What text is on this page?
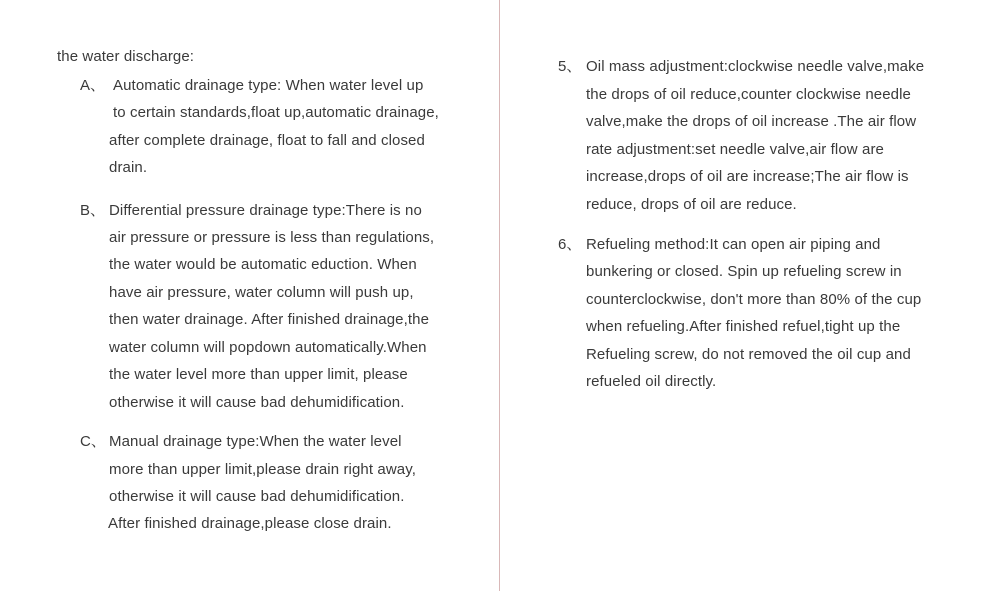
the water discharge:
A、 Automatic drainage type: When water level up
to certain standards,float up,automatic drainage,
after complete drainage, float to fall and closed
drain.
B、 Differential pressure drainage type:There is no
air pressure or pressure is less than regulations,
the water would be automatic eduction. When
have air pressure, water column will push up,
then water drainage. After finished drainage,the
water column will popdown automatically.When
the water level more than upper limit, please
otherwise it will cause bad dehumidification.
C、 Manual drainage type:When the water level
more than upper limit,please drain right away,
otherwise it will cause bad dehumidification.
After finished drainage,please close drain.
5、 Oil mass adjustment:clockwise needle valve,make
the drops of oil reduce,counter clockwise needle
valve,make the drops of oil increase .The air flow
rate adjustment:set needle valve,air flow are
increase,drops of oil are increase;The air flow is
reduce, drops of oil are reduce.
6、 Refueling method:It can open air piping and
bunkering or closed. Spin up refueling screw in
counterclockwise, don't more than 80% of the cup
when refueling.After finished refuel,tight up the
Refueling screw, do not removed the oil cup and
refueled oil directly.
